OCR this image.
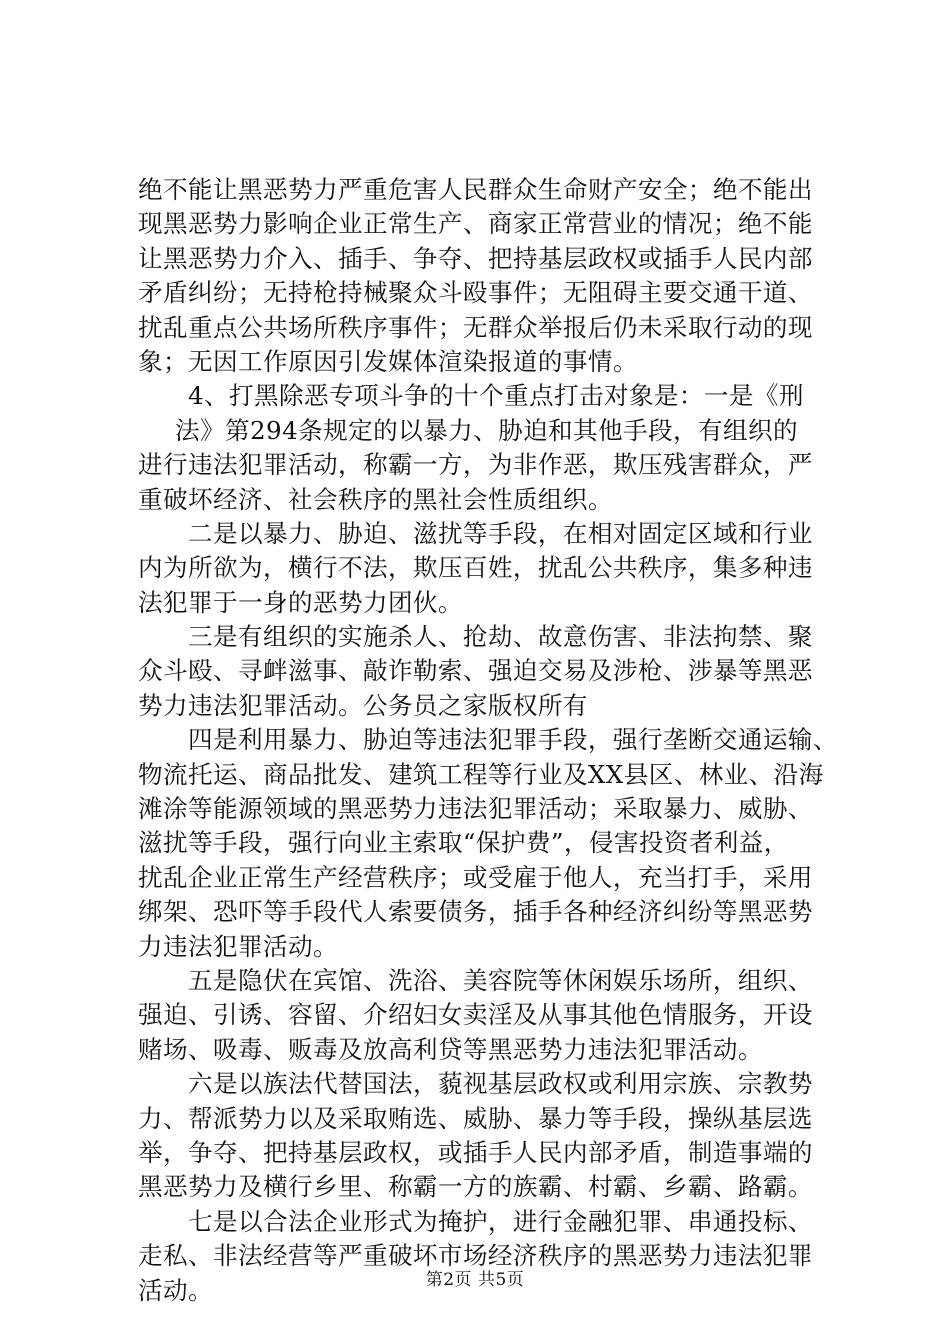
绝不能让黑恶势力严重危害人民群众生命财产安全；绝不能出
现黑恶势力影响企业正常生产、商家正常营业的情况；绝不能
让黑恶势力介入、插手、争夺、把持基层政权或插手人民内部
矛盾纠纷；无持枪持械聚众斗殴事件；无阻碍主要交通干道、
扰乱重点公共场所秩序事件；无群众举报后仍未采取行动的现
象；无因工作原因引发媒体渲染报道的事情。
4、打黑除恶专项斗争的十个重点打击对象是：一是《刑
法》第294条规定的以暴力、胁迫和其他手段，有组织的
进行违法犯罪活动，称霸一方，为非作恶，欺压残害群众，严
重破坏经济、社会秩序的黑社会性质组织。
二是以暴力、胁迫、滋扰等手段，在相对固定区域和行业
内为所欲为，横行不法，欺压百姓，扰乱公共秩序，集多种违
法犯罪于一身的恶势力团伙。
三是有组织的实施杀人、抢劫、故意伤害、非法拘禁、聚
众斗殴、寻衅滋事、敲诈勒索、强迫交易及涉枪、涉暴等黑恶
势力违法犯罪活动。公务员之家版权所有
四是利用暴力、胁迫等违法犯罪手段，强行垄断交通运输、
物流托运、商品批发、建筑工程等行业及XX县区、林业、沿海
滩涂等能源领域的黑恶势力违法犯罪活动；采取暴力、威胁、
滋扰等手段，强行向业主索取“保护费”，侵害投资者利益，
扰乱企业正常生产经营秩序；或受雇于他人，充当打手，采用
绑架、恐吓等手段代人索要债务，插手各种经济纠纷等黑恶势
力违法犯罪活动。
五是隐伏在宾馆、洗浴、美容院等休闲娱乐场所，组织、
强迫、引诱、容留、介绍妇女卖淫及从事其他色情服务，开设
赌场、吸毒、贩毒及放高利贷等黑恶势力违法犯罪活动。
六是以族法代替国法，藐视基层政权或利用宗族、宗教势
力、帮派势力以及采取贿选、威胁、暴力等手段，操纵基层选
举，争夺、把持基层政权，或插手人民内部矛盾，制造事端的
黑恶势力及横行乡里、称霸一方的族霸、村霸、乡霸、路霸。
七是以合法企业形式为掩护，进行金融犯罪、串通投标、
走私、非法经营等严重破坏市场经济秩序的黑恶势力违法犯罪
活动。	第2页 共5页
